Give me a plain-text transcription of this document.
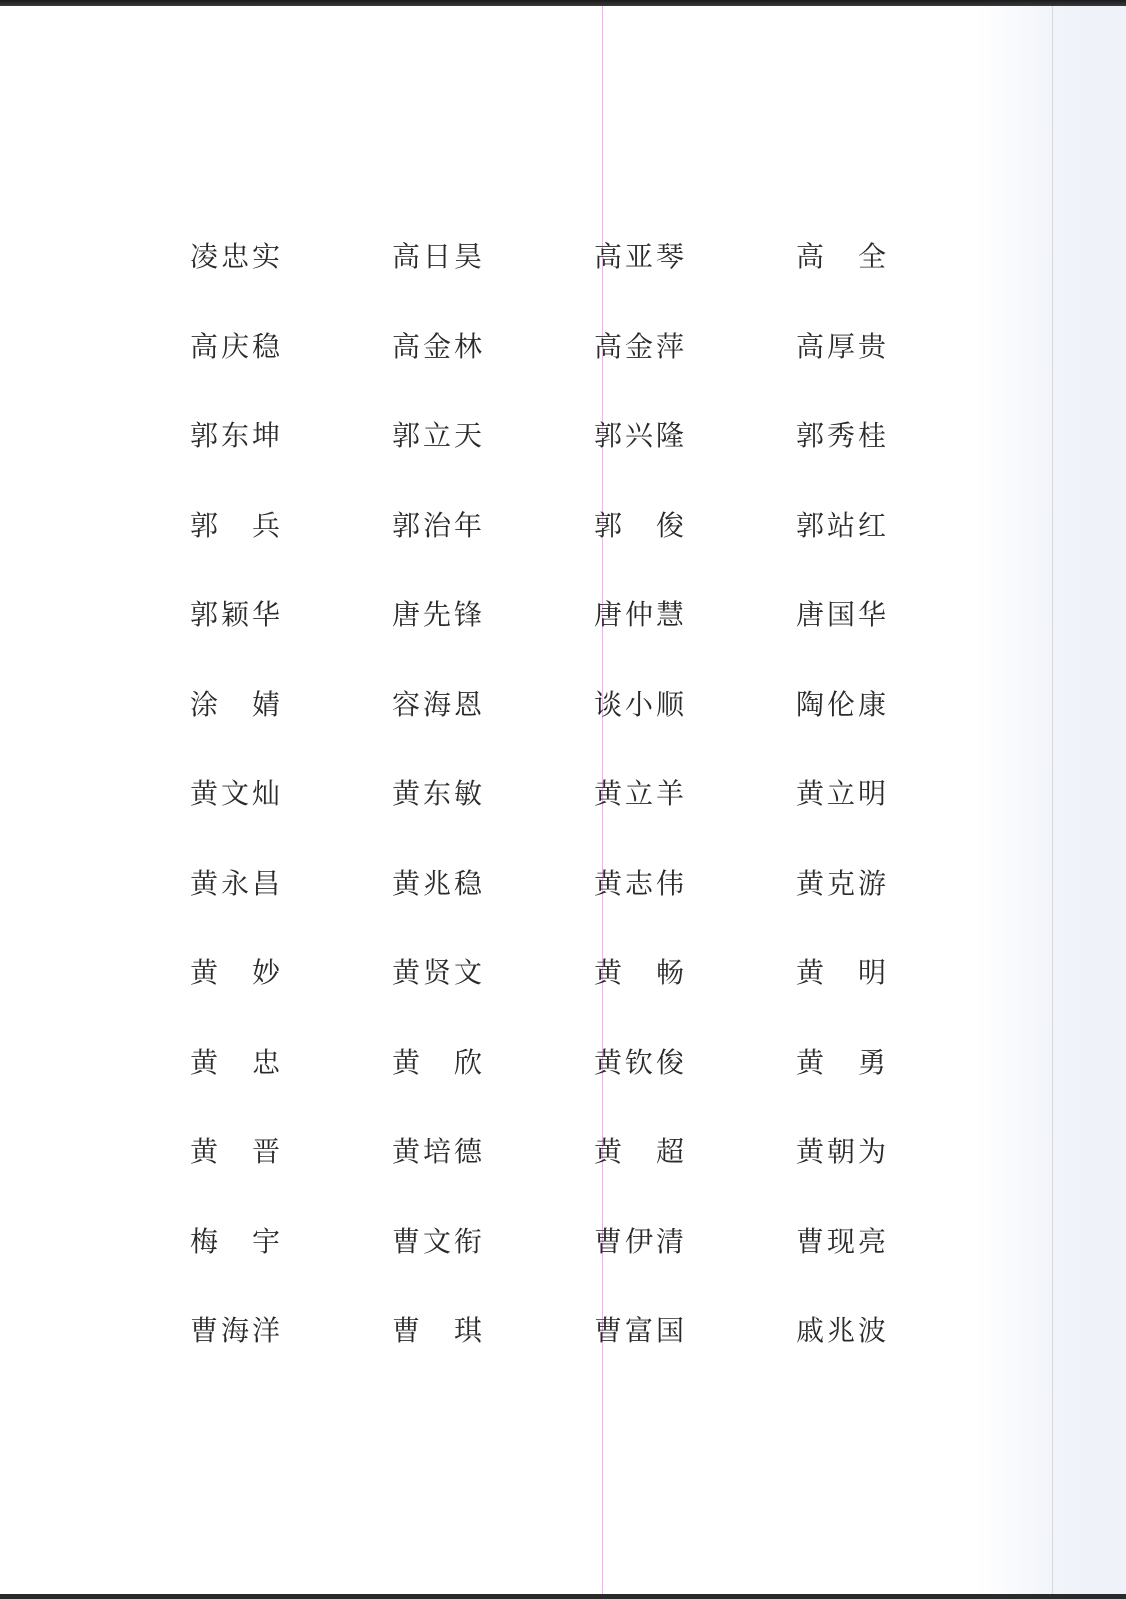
凌 忠 实	高 日 昊	高 亚 琴	高 全
高 庆 稳	高 金 林	高 金 萍	高 厚 贵
郭 东 坤	郭 立 天	郭 兴 隆	郭 秀 桂
郭 兵	郭 治 年	郭 俊	郭 站 红
郭 颖 华	唐 先 锋	唐 仲 慧	唐 国 华
涂 婧	容 海 恩	谈 小 顺	陶 伦 康
黄 文 灿	黄 东 敏	黄 立 羊	黄 立 明
黄 永 昌	黄 兆 稳	黄 志 伟	黄 克 游
黄 妙	黄 贤 文	黄 畅	黄 明
黄 忠	黄 欣	黄 钦 俊	黄 勇
黄 晋	黄 培 德	黄 超	黄 朝 为
梅 宇	曹 文 衔	曹 伊 清	曹 现 亮
曹 海 洋	曹 琪	曹 富 国	戚 兆 波
